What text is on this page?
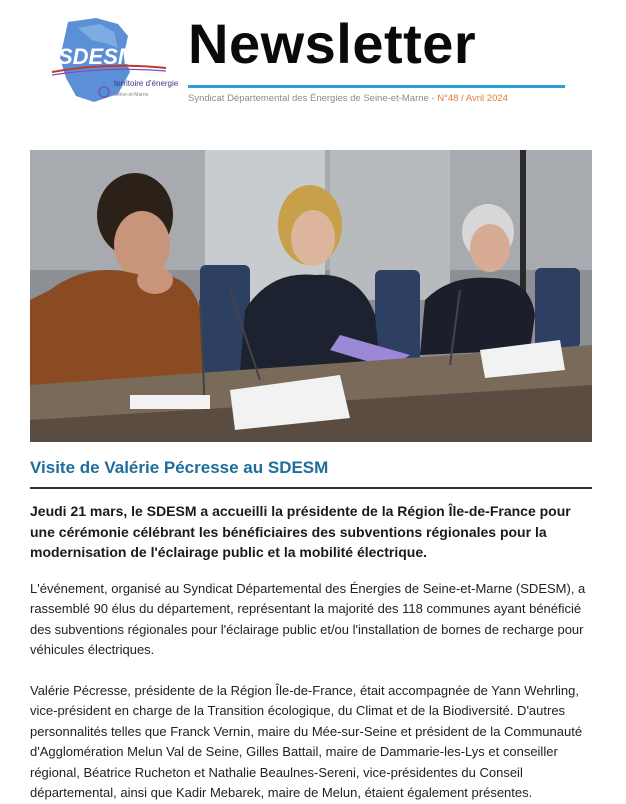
SDESM
territoire d'énergie
Seine-et-Marne
Newsletter
Syndicat Départemental des Énergies de Seine-et-Marne - N°48 / Avril 2024
Visite de Valérie Pécresse au SDESM
Jeudi 21 mars, le SDESM a accueilli la présidente de la Région Île-de-France pour une cérémonie célébrant les bénéficiaires des subventions régionales pour la modernisation de l'éclairage public et la mobilité électrique.
L'événement, organisé au Syndicat Départemental des Énergies de Seine-et-Marne (SDESM), a rassemblé 90 élus du département, représentant la majorité des 118 communes ayant bénéficié des subventions régionales pour l'éclairage public et/ou l'installation de bornes de recharge pour véhicules électriques.
Valérie Pécresse, présidente de la Région Île-de-France, était accompagnée de Yann Wehrling, vice-président en charge de la Transition écologique, du Climat et de la Biodiversité. D'autres personnalités telles que Franck Vernin, maire du Mée-sur-Seine et président de la Communauté d'Agglomération Melun Val de Seine, Gilles Battail, maire de Dammarie-les-Lys et conseiller régional, Béatrice Rucheton et Nathalie Beaulnes-Sereni, vice-présidentes du Conseil départemental, ainsi que Kadir Mebarek, maire de Melun, étaient également présentes.
